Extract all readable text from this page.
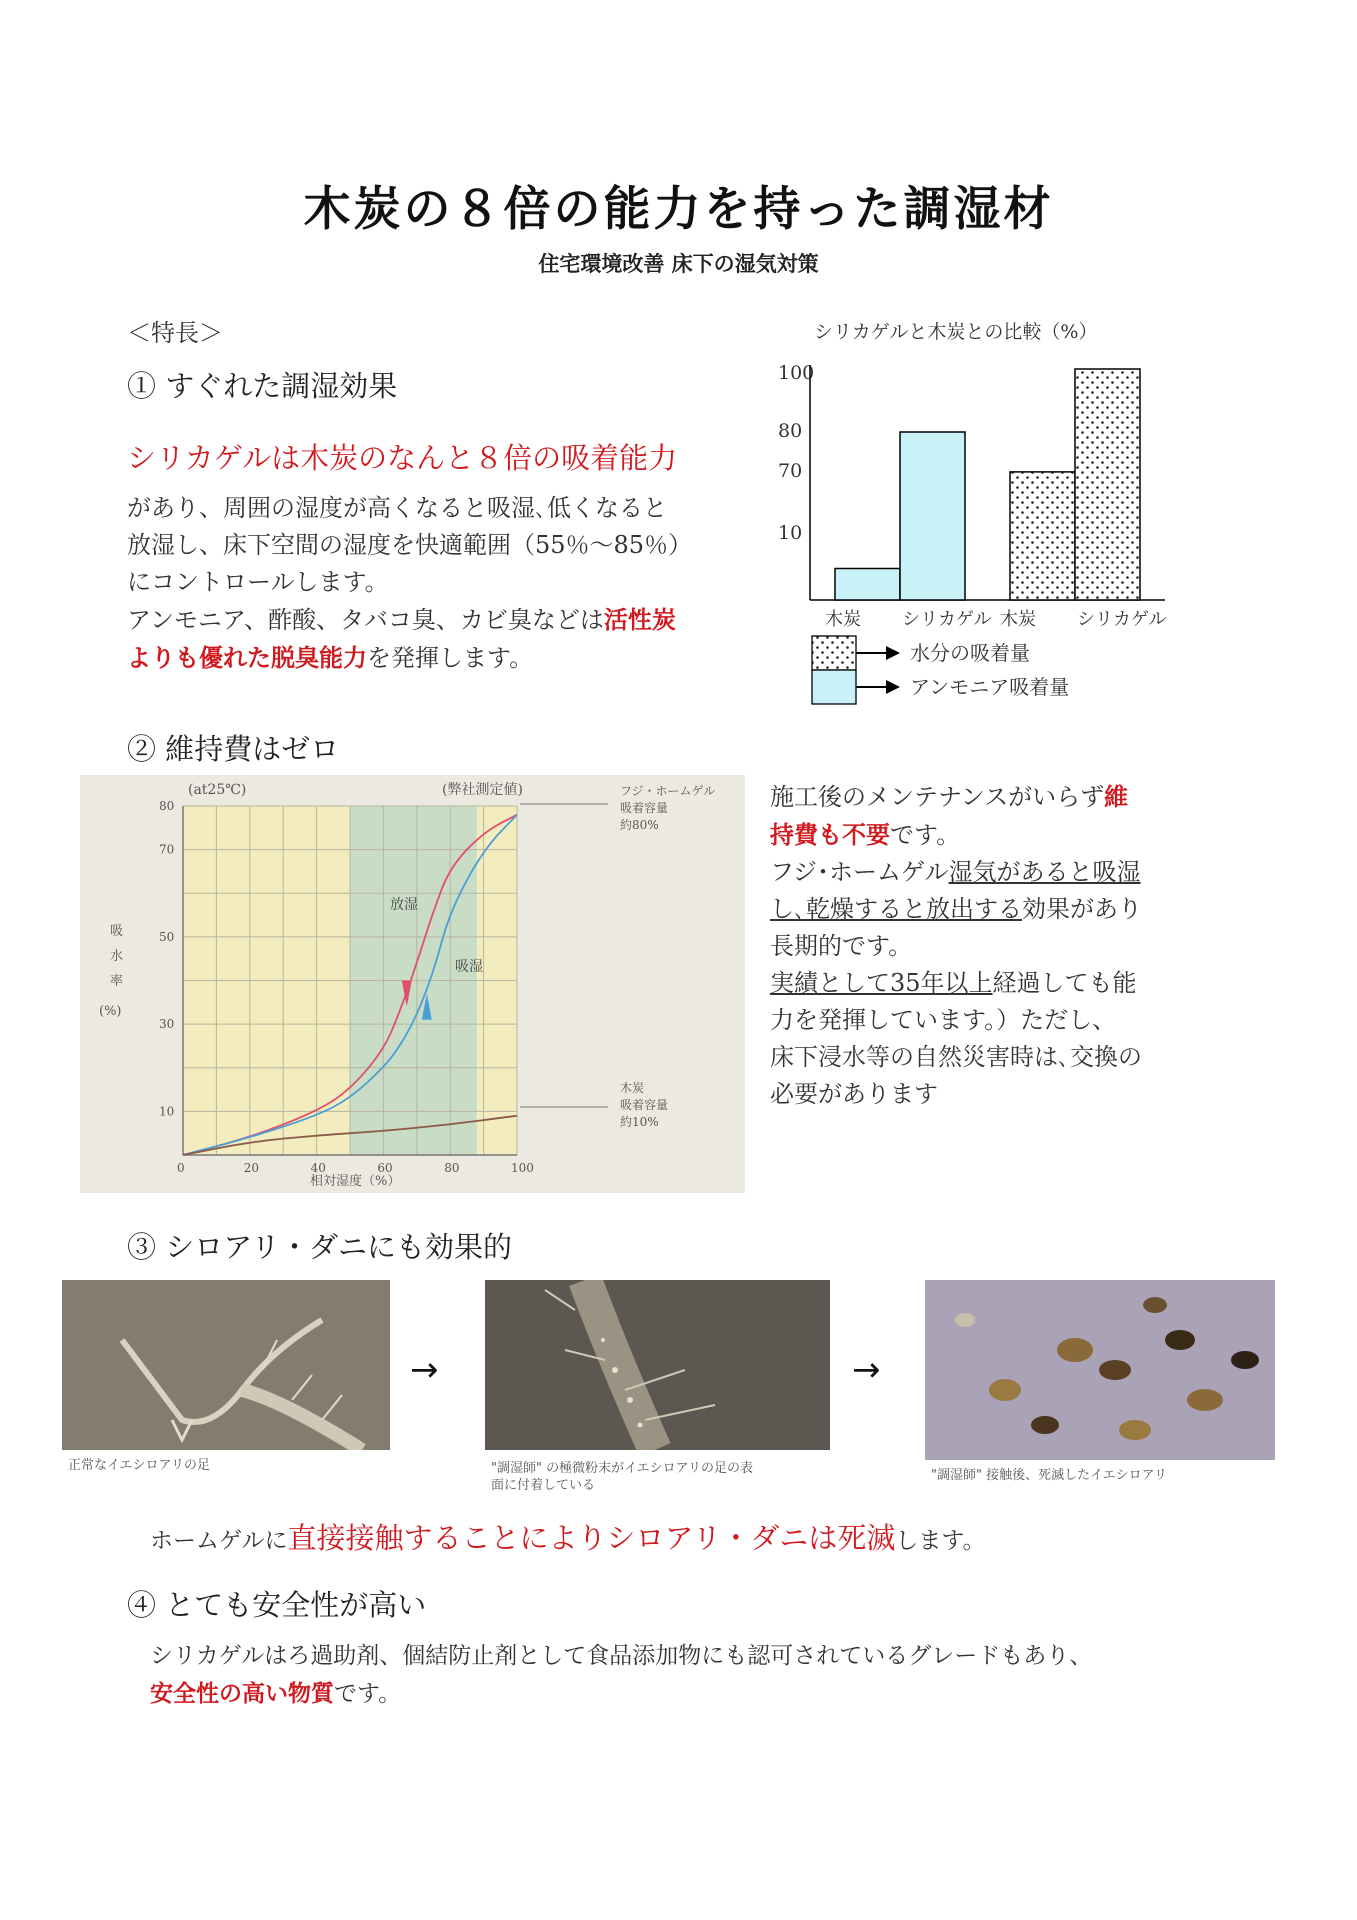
木炭の８倍の能力を持った調湿材
住宅環境改善 床下の湿気対策
＜特長＞
① すぐれた調湿効果
シリカゲルは木炭のなんと８倍の吸着能力
があり、周囲の湿度が高くなると吸湿､低くなると
放湿し、床下空間の湿度を快適範囲（55％～85％）
にコントロールします。
アンモニア、酢酸、タバコ臭、カビ臭などは活性炭
よりも優れた脱臭能力を発揮します。
シリカゲルと木炭との比較（%）
100
80
70
10
木炭 シリカゲル 木炭 シリカゲル
水分の吸着量
アンモニア吸着量
② 維持費はゼロ
0	20	40	60	80	100
10
30
50
70
80
(at25℃)	(弊社測定値)
吸
水
率
(%)
相対湿度（%）
放湿
吸湿
フジ・ホームゲル
吸着容量
約80%
木炭
吸着容量
約10%
施工後のメンテナンスがいらず維
持費も不要です。
フジ･ホームゲル湿気があると吸湿
し､乾燥すると放出する効果があり
長期的です。
実績として35年以上経過しても能
力を発揮しています。）ただし、
床下浸水等の自然災害時は､交換の
必要があります
③ シロアリ・ダニにも効果的
正常なイエシロアリの足
→
"調湿師" の極微粉末がイエシロアリの足の表
面に付着している
→
"調湿師" 接触後、死滅したイエシロアリ
ホームゲルに直接接触することによりシロアリ・ダニは死滅します。
④ とても安全性が高い
シリカゲルはろ過助剤、個結防止剤として食品添加物にも認可されているグレードもあり、
安全性の高い物質です。
